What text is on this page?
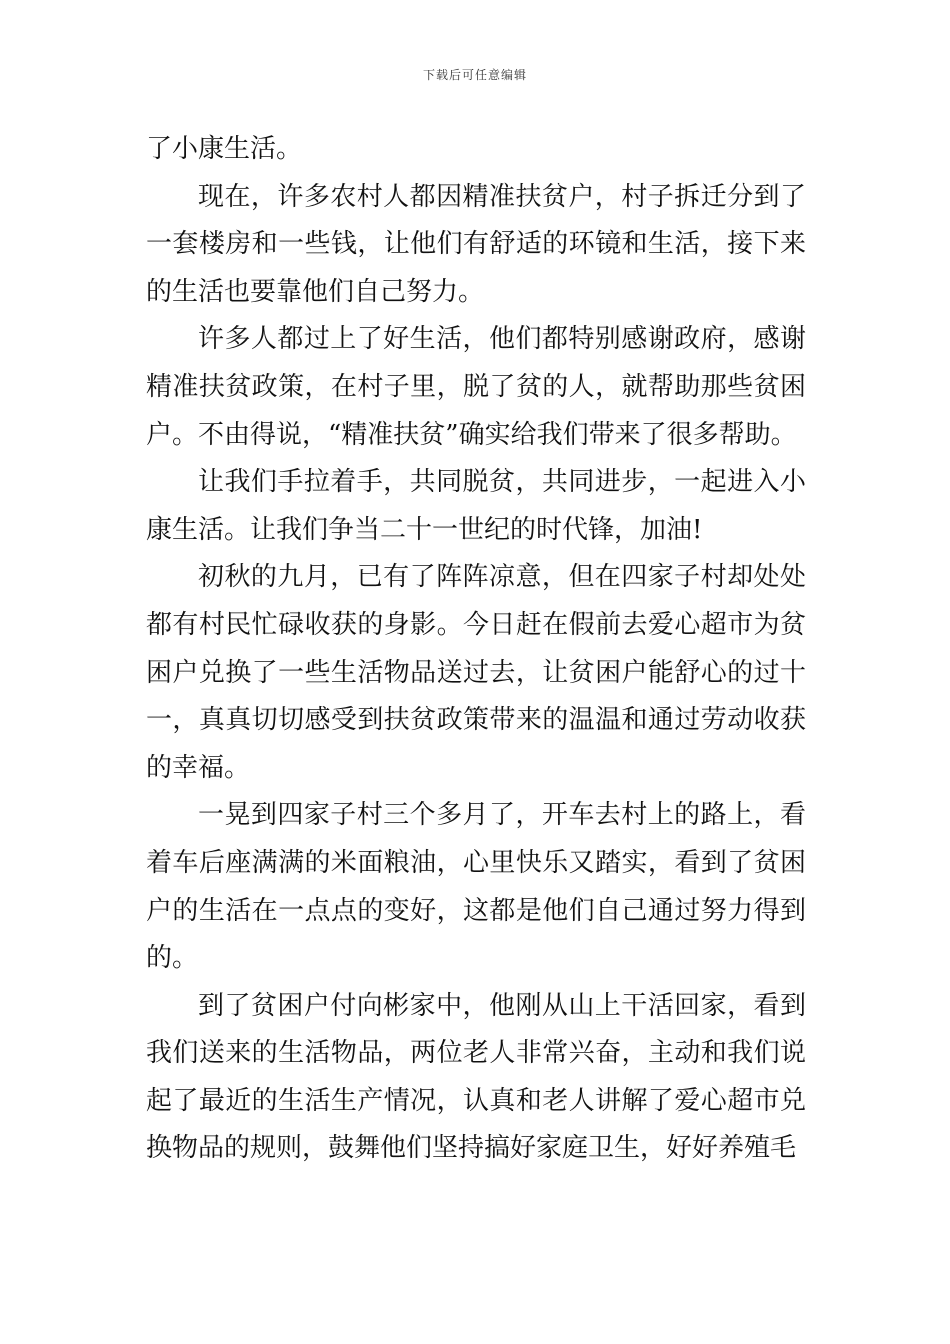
下载后可任意编辑

了小康生活。

现在，许多农村人都因精准扶贫户，村子拆迁分到了一套楼房和一些钱，让他们有舒适的环镜和生活，接下来的生活也要靠他们自己努力。

许多人都过上了好生活，他们都特别感谢政府，感谢精准扶贫政策，在村子里，脱了贫的人，就帮助那些贫困户。不由得说，“精准扶贫”确实给我们带来了很多帮助。

让我们手拉着手，共同脱贫，共同进步，一起进入小康生活。让我们争当二十一世纪的时代锋，加油!

初秋的九月，已有了阵阵凉意，但在四家子村却处处都有村民忙碌收获的身影。今日赶在假前去爱心超市为贫困户兑换了一些生活物品送过去，让贫困户能舒心的过十一，真真切切感受到扶贫政策带来的温温和通过劳动收获的幸福。

一晃到四家子村三个多月了，开车去村上的路上，看着车后座满满的米面粮油，心里快乐又踏实，看到了贫困户的生活在一点点的变好，这都是他们自己通过努力得到的。

到了贫困户付向彬家中，他刚从山上干活回家，看到我们送来的生活物品，两位老人非常兴奋，主动和我们说起了最近的生活生产情况，认真和老人讲解了爱心超市兑换物品的规则，鼓舞他们坚持搞好家庭卫生，好好养殖毛
